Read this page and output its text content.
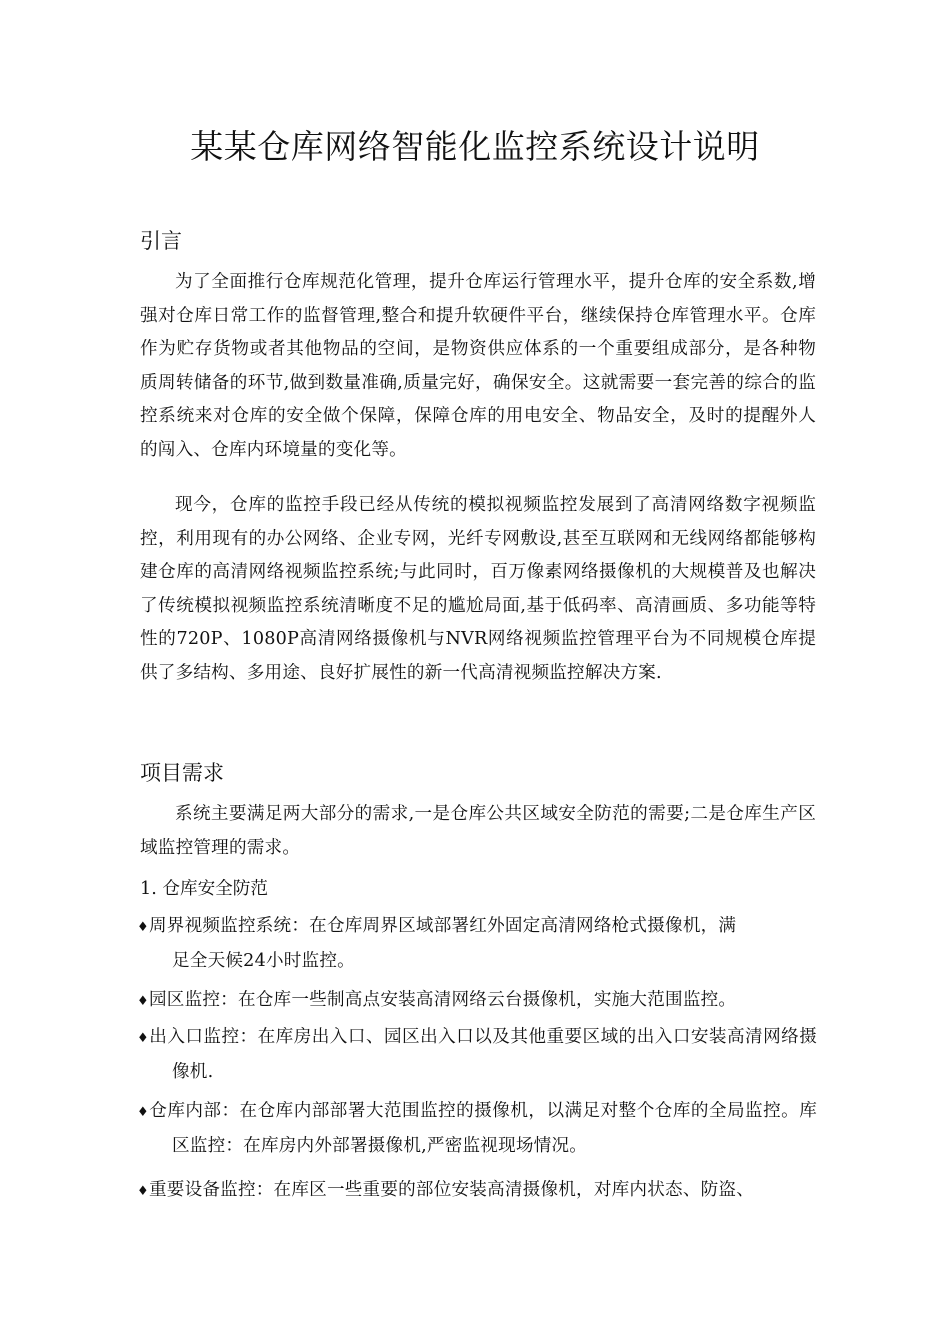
某某仓库网络智能化监控系统设计说明
引言

为了全面推行仓库规范化管理，提升仓库运行管理水平，提升仓库的安全系数,增强对仓库日常工作的监督管理,整合和提升软硬件平台，继续保持仓库管理水平。仓库作为贮存货物或者其他物品的空间，是物资供应体系的一个重要组成部分，是各种物质周转储备的环节,做到数量准确,质量完好，确保安全。这就需要一套完善的综合的监控系统来对仓库的安全做个保障，保障仓库的用电安全、物品安全，及时的提醒外人的闯入、仓库内环境量的变化等。

现今，仓库的监控手段已经从传统的模拟视频监控发展到了高清网络数字视频监控，利用现有的办公网络、企业专网，光纤专网敷设,甚至互联网和无线网络都能够构建仓库的高清网络视频监控系统;与此同时，百万像素网络摄像机的大规模普及也解决了传统模拟视频监控系统清晰度不足的尴尬局面,基于低码率、高清画质、多功能等特性的720P、1080P高清网络摄像机与NVR网络视频监控管理平台为不同规模仓库提供了多结构、多用途、良好扩展性的新一代高清视频监控解决方案.

项目需求

系统主要满足两大部分的需求,一是仓库公共区域安全防范的需要;二是仓库生产区域监控管理的需求。

1. 仓库安全防范

♦周界视频监控系统：在仓库周界区域部署红外固定高清网络枪式摄像机，满
足全天候24小时监控。
♦园区监控：在仓库一些制高点安装高清网络云台摄像机，实施大范围监控。
♦出入口监控：在库房出入口、园区出入口以及其他重要区域的出入口安装高清网络摄像机.
♦仓库内部：在仓库内部部署大范围监控的摄像机，以满足对整个仓库的全局监控。库区监控：在库房内外部署摄像机,严密监视现场情况。
♦重要设备监控：在库区一些重要的部位安装高清摄像机，对库内状态、防盗、
